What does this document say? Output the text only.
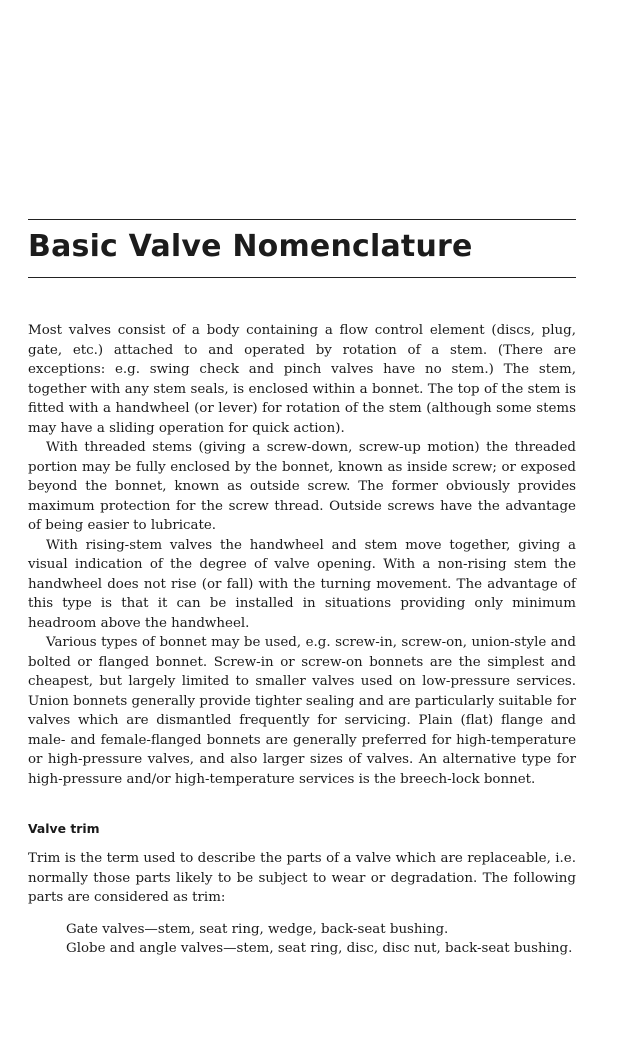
Basic Valve Nomenclature

Most valves consist of a body containing a flow control element (discs, plug, gate, etc.) attached to and operated by rotation of a stem. (There are exceptions: e.g. swing check and pinch valves have no stem.) The stem, together with any stem seals, is enclosed within a bonnet. The top of the stem is fitted with a handwheel (or lever) for rotation of the stem (although some stems may have a sliding operation for quick action).

With threaded stems (giving a screw-down, screw-up motion) the threaded portion may be fully enclosed by the bonnet, known as inside screw; or exposed beyond the bonnet, known as outside screw. The former obviously provides maximum protection for the screw thread. Outside screws have the advantage of being easier to lubricate.

With rising-stem valves the handwheel and stem move together, giving a visual indication of the degree of valve opening. With a non-rising stem the handwheel does not rise (or fall) with the turning movement. The advantage of this type is that it can be installed in situations providing only minimum headroom above the handwheel.

Various types of bonnet may be used, e.g. screw-in, screw-on, union-style and bolted or flanged bonnet. Screw-in or screw-on bonnets are the simplest and cheapest, but largely limited to smaller valves used on low-pressure services. Union bonnets generally provide tighter sealing and are particularly suitable for valves which are dismantled frequently for servicing. Plain (flat) flange and male- and female-flanged bonnets are generally preferred for high-temperature or high-pressure valves, and also larger sizes of valves. An alternative type for high-pressure and/or high-temperature services is the breech-lock bonnet.

Valve trim

Trim is the term used to describe the parts of a valve which are replaceable, i.e. normally those parts likely to be subject to wear or degradation. The following parts are considered as trim:

Gate valves—stem, seat ring, wedge, back-seat bushing.
Globe and angle valves—stem, seat ring, disc, disc nut, back-seat bushing.
